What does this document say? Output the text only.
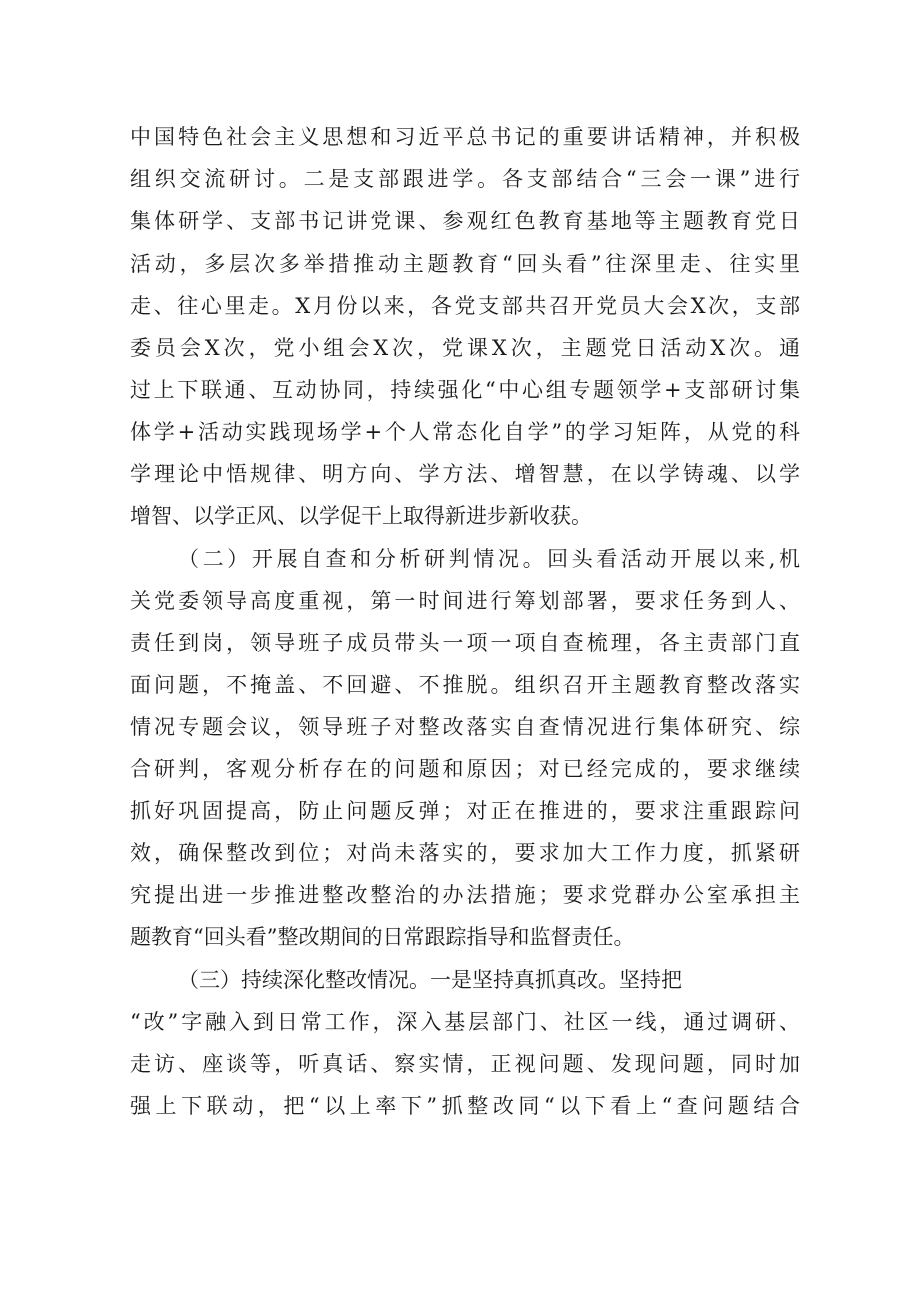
中国特色社会主义思想和习近平总书记的重要讲话精神，并积极
组织交流研讨。二是支部跟进学。各支部结合“三会一课”进行
集体研学、支部书记讲党课、参观红色教育基地等主题教育党日
活动，多层次多举措推动主题教育“回头看”往深里走、往实里
走、往心里走。X月份以来，各党支部共召开党员大会X次，支部
委员会X次，党小组会X次，党课X次，主题党日活动X次。通
过上下联通、互动协同，持续强化“中心组专题领学+支部研讨集
体学+活动实践现场学+个人常态化自学”的学习矩阵，从党的科
学理论中悟规律、明方向、学方法、增智慧，在以学铸魂、以学
增智、以学正风、以学促干上取得新进步新收获。
（二）开展自查和分析研判情况。回头看活动开展以来,机
关党委领导高度重视，第一时间进行筹划部署，要求任务到人、
责任到岗，领导班子成员带头一项一项自查梳理，各主责部门直
面问题，不掩盖、不回避、不推脱。组织召开主题教育整改落实
情况专题会议，领导班子对整改落实自查情况进行集体研究、综
合研判，客观分析存在的问题和原因；对已经完成的，要求继续
抓好巩固提高，防止问题反弹；对正在推进的，要求注重跟踪问
效，确保整改到位；对尚未落实的，要求加大工作力度，抓紧研
究提出进一步推进整改整治的办法措施；要求党群办公室承担主
题教育“回头看”整改期间的日常跟踪指导和监督责任。
（三）持续深化整改情况。一是坚持真抓真改。坚持把
“改”字融入到日常工作，深入基层部门、社区一线，通过调研、
走访、座谈等，听真话、察实情，正视问题、发现问题，同时加
强上下联动，把“以上率下”抓整改同“以下看上“查问题结合
